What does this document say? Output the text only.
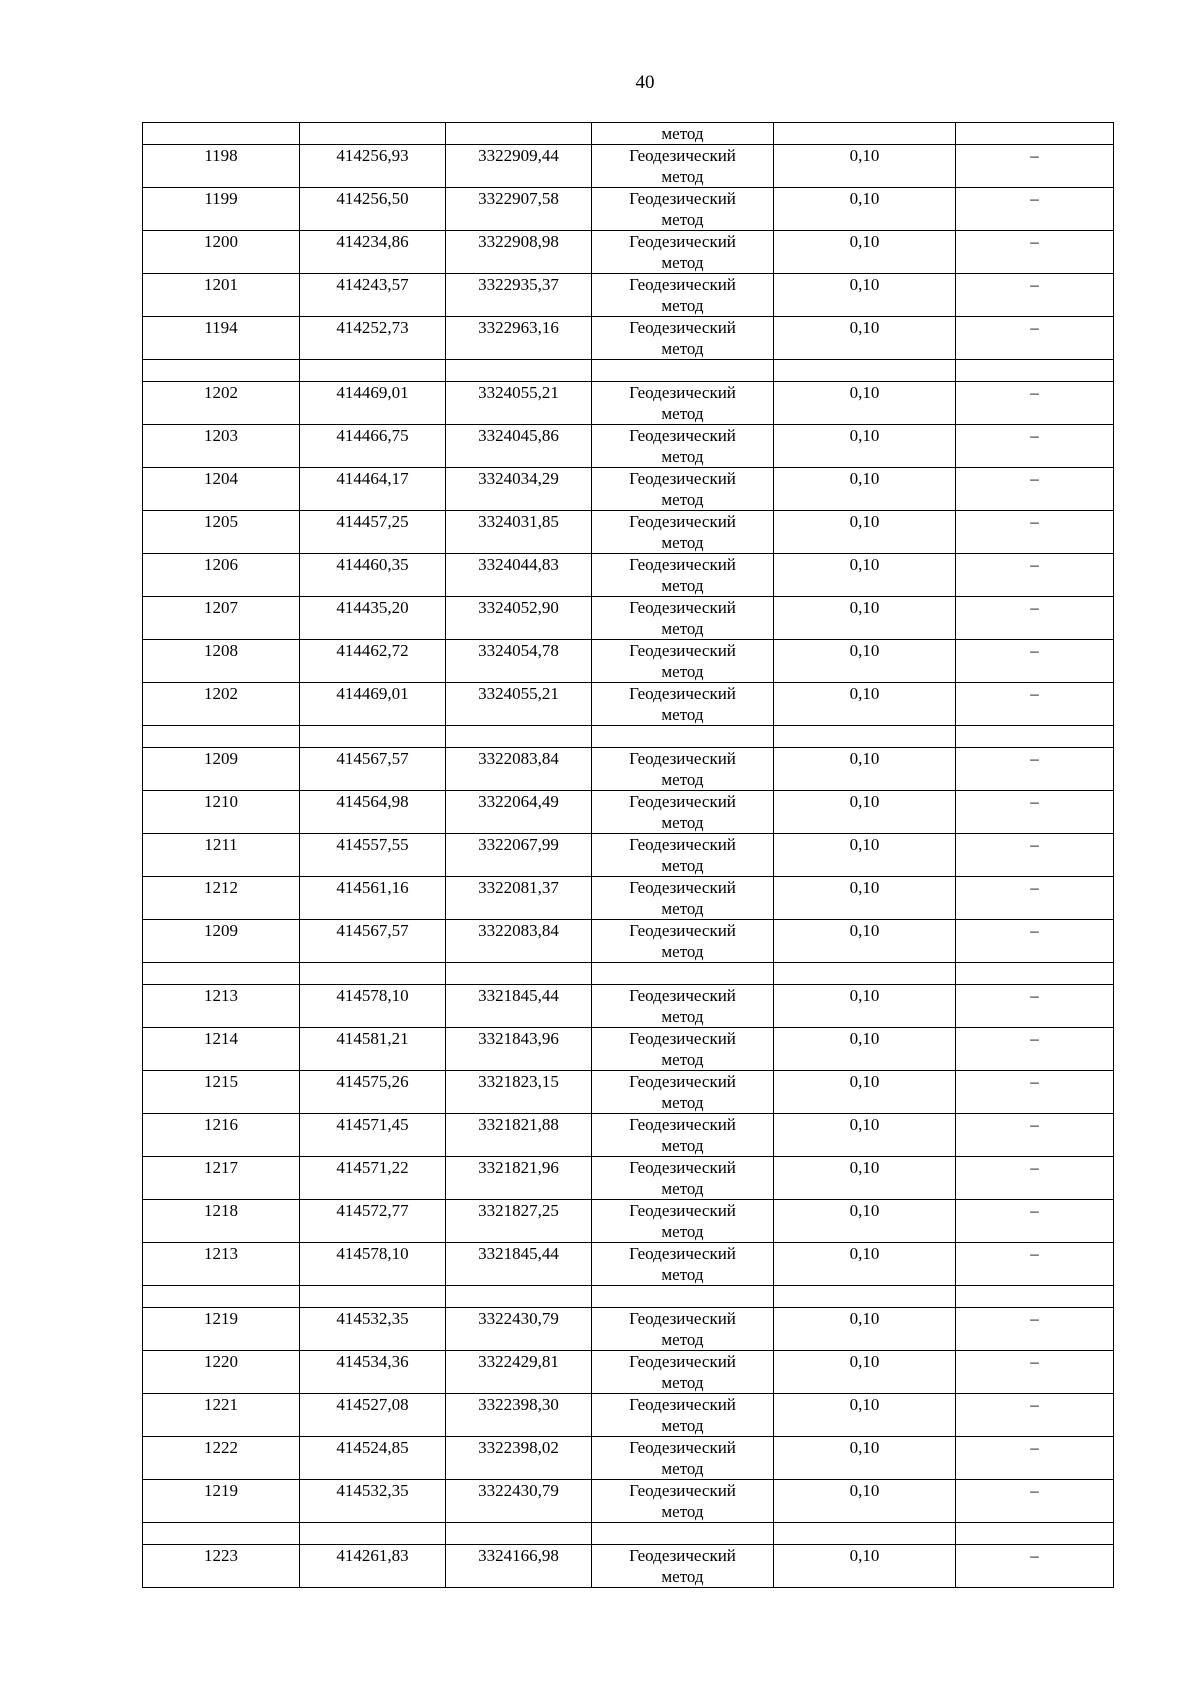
40

			метод		

1198	414256,93	3322909,44	Геодезический
метод	0,10	–
1199	414256,50	3322907,58	Геодезический
метод	0,10	–
1200	414234,86	3322908,98	Геодезический
метод	0,10	–
1201	414243,57	3322935,37	Геодезический
метод	0,10	–
1194	414252,73	3322963,16	Геодезический
метод	0,10	–

1202	414469,01	3324055,21	Геодезический
метод	0,10	–
1203	414466,75	3324045,86	Геодезический
метод	0,10	–
1204	414464,17	3324034,29	Геодезический
метод	0,10	–
1205	414457,25	3324031,85	Геодезический
метод	0,10	–
1206	414460,35	3324044,83	Геодезический
метод	0,10	–
1207	414435,20	3324052,90	Геодезический
метод	0,10	–
1208	414462,72	3324054,78	Геодезический
метод	0,10	–
1202	414469,01	3324055,21	Геодезический
метод	0,10	–

1209	414567,57	3322083,84	Геодезический
метод	0,10	–
1210	414564,98	3322064,49	Геодезический
метод	0,10	–
1211	414557,55	3322067,99	Геодезический
метод	0,10	–
1212	414561,16	3322081,37	Геодезический
метод	0,10	–
1209	414567,57	3322083,84	Геодезический
метод	0,10	–

1213	414578,10	3321845,44	Геодезический
метод	0,10	–
1214	414581,21	3321843,96	Геодезический
метод	0,10	–
1215	414575,26	3321823,15	Геодезический
метод	0,10	–
1216	414571,45	3321821,88	Геодезический
метод	0,10	–
1217	414571,22	3321821,96	Геодезический
метод	0,10	–
1218	414572,77	3321827,25	Геодезический
метод	0,10	–
1213	414578,10	3321845,44	Геодезический
метод	0,10	–

1219	414532,35	3322430,79	Геодезический
метод	0,10	–
1220	414534,36	3322429,81	Геодезический
метод	0,10	–
1221	414527,08	3322398,30	Геодезический
метод	0,10	–
1222	414524,85	3322398,02	Геодезический
метод	0,10	–
1219	414532,35	3322430,79	Геодезический
метод	0,10	–

1223	414261,83	3324166,98	Геодезический
метод	0,10	–
